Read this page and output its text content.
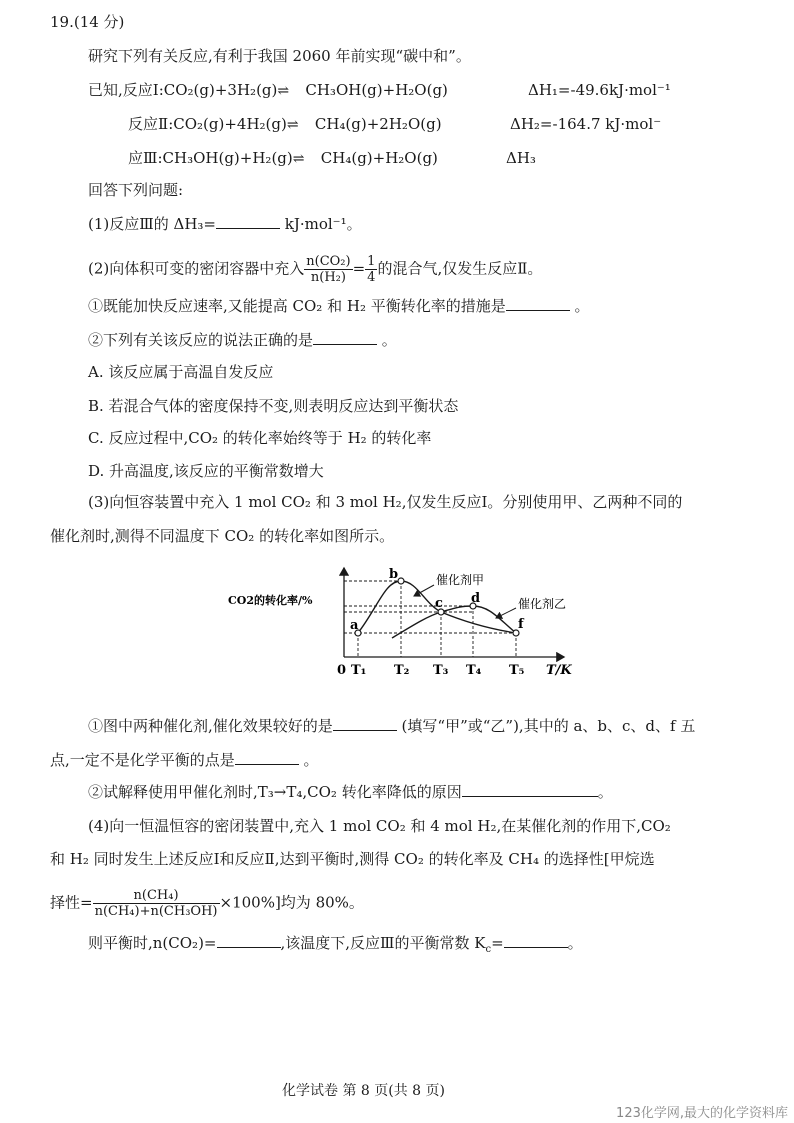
19.(14 分)
研究下列有关反应,有利于我国 2060 年前实现“碳中和”。
已知,反应Ⅰ:CO₂(g)+3H₂(g)⇌ CH₃OH(g)+H₂O(g)	ΔH₁=-49.6kJ·mol⁻¹
反应Ⅱ:CO₂(g)+4H₂(g)⇌ CH₄(g)+2H₂O(g)	ΔH₂=-164.7 kJ·mol⁻
应Ⅲ:CH₃OH(g)+H₂(g)⇌ CH₄(g)+H₂O(g)	ΔH₃
回答下列问题:
(1)反应Ⅲ的 ΔH₃=	kJ·mol⁻¹。
(2)向体积可变的密闭容器中充入 $\frac{\text{n(CO₂)}}{\text{n(H₂)}} = \frac{1}{4}$ 的混合气,仅发生反应Ⅱ。
①既能加快反应速率,又能提高 CO₂ 和 H₂ 平衡转化率的措施是	。
②下列有关该反应的说法正确的是	。
A. 该反应属于高温自发反应
B. 若混合气体的密度保持不变,则表明反应达到平衡状态
C. 反应过程中,CO₂ 的转化率始终等于 H₂ 的转化率
D. 升高温度,该反应的平衡常数增大
(3)向恒容装置中充入 1 mol CO₂ 和 3 mol H₂,仅发生反应Ⅰ。分别使用甲、乙两种不同的
催化剂时,测得不同温度下 CO₂ 的转化率如图所示。
CO2的转化率/%
a
b
c d
f
催化剂甲
催化剂乙
0 T₁ T₂ T₃ T₄ T₅ T/K
①图中两种催化剂,催化效果较好的是	(填写“甲”或“乙”),其中的 a、b、c、d、f 五
点,一定不是化学平衡的点是	。
②试解释使用甲催化剂时,T₃→T₄,CO₂ 转化率降低的原因	。
(4)向一恒温恒容的密闭装置中,充入 1 mol CO₂ 和 4 mol H₂,在某催化剂的作用下,CO₂
和 H₂ 同时发生上述反应Ⅰ和反应Ⅱ,达到平衡时,测得 CO₂ 的转化率及 CH₄ 的选择性[甲烷选
择性= $\frac{\text{n(CH₄)}}{\text{n(CH₄)+n(CH₃OH)}} \times 100\%$]均为 80%。
则平衡时,n(CO₂)=	,该温度下,反应Ⅲ的平衡常数 $K_c=$	。
化学试卷 第 8 页(共 8 页)
123化学网,最大的化学资料库
